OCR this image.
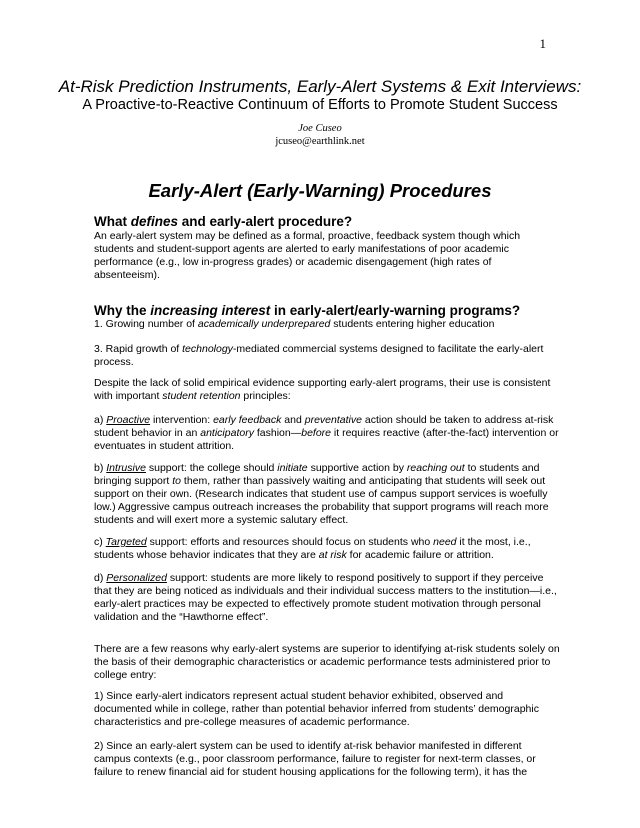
1
At-Risk Prediction Instruments, Early-Alert Systems & Exit Interviews:
A Proactive-to-Reactive Continuum of Efforts to Promote Student Success
Joe Cuseo
jcuseo@earthlink.net
Early-Alert (Early-Warning) Procedures
What defines and early-alert procedure?

An early-alert system may be defined as a formal, proactive, feedback system though which students and student-support agents are alerted to early manifestations of poor academic performance (e.g., low in-progress grades) or academic disengagement (high rates of absenteeism).

Why the increasing interest in early-alert/early-warning programs?

1. Growing number of academically underprepared students entering higher education

3. Rapid growth of technology-mediated commercial systems designed to facilitate the early-alert process.

Despite the lack of solid empirical evidence supporting early-alert programs, their use is consistent with important student retention principles:

a) Proactive intervention: early feedback and preventative action should be taken to address at-risk student behavior in an anticipatory fashion—before it requires reactive (after-the-fact) intervention or eventuates in student attrition.

b) Intrusive support: the college should initiate supportive action by reaching out to students and bringing support to them, rather than passively waiting and anticipating that students will seek out support on their own. (Research indicates that student use of campus support services is woefully low.) Aggressive campus outreach increases the probability that support programs will reach more students and will exert more a systemic salutary effect.

c) Targeted support: efforts and resources should focus on students who need it the most, i.e., students whose behavior indicates that they are at risk for academic failure or attrition.

d) Personalized support: students are more likely to respond positively to support if they perceive that they are being noticed as individuals and their individual success matters to the institution—i.e., early-alert practices may be expected to effectively promote student motivation through personal validation and the “Hawthorne effect”.

There are a few reasons why early-alert systems are superior to identifying at-risk students solely on the basis of their demographic characteristics or academic performance tests administered prior to college entry:

1) Since early-alert indicators represent actual student behavior exhibited, observed and documented while in college, rather than potential behavior inferred from students’ demographic characteristics and pre-college measures of academic performance.

2) Since an early-alert system can be used to identify at-risk behavior manifested in different campus contexts (e.g., poor classroom performance, failure to register for next-term classes, or failure to renew financial aid for student housing applications for the following term), it has the
